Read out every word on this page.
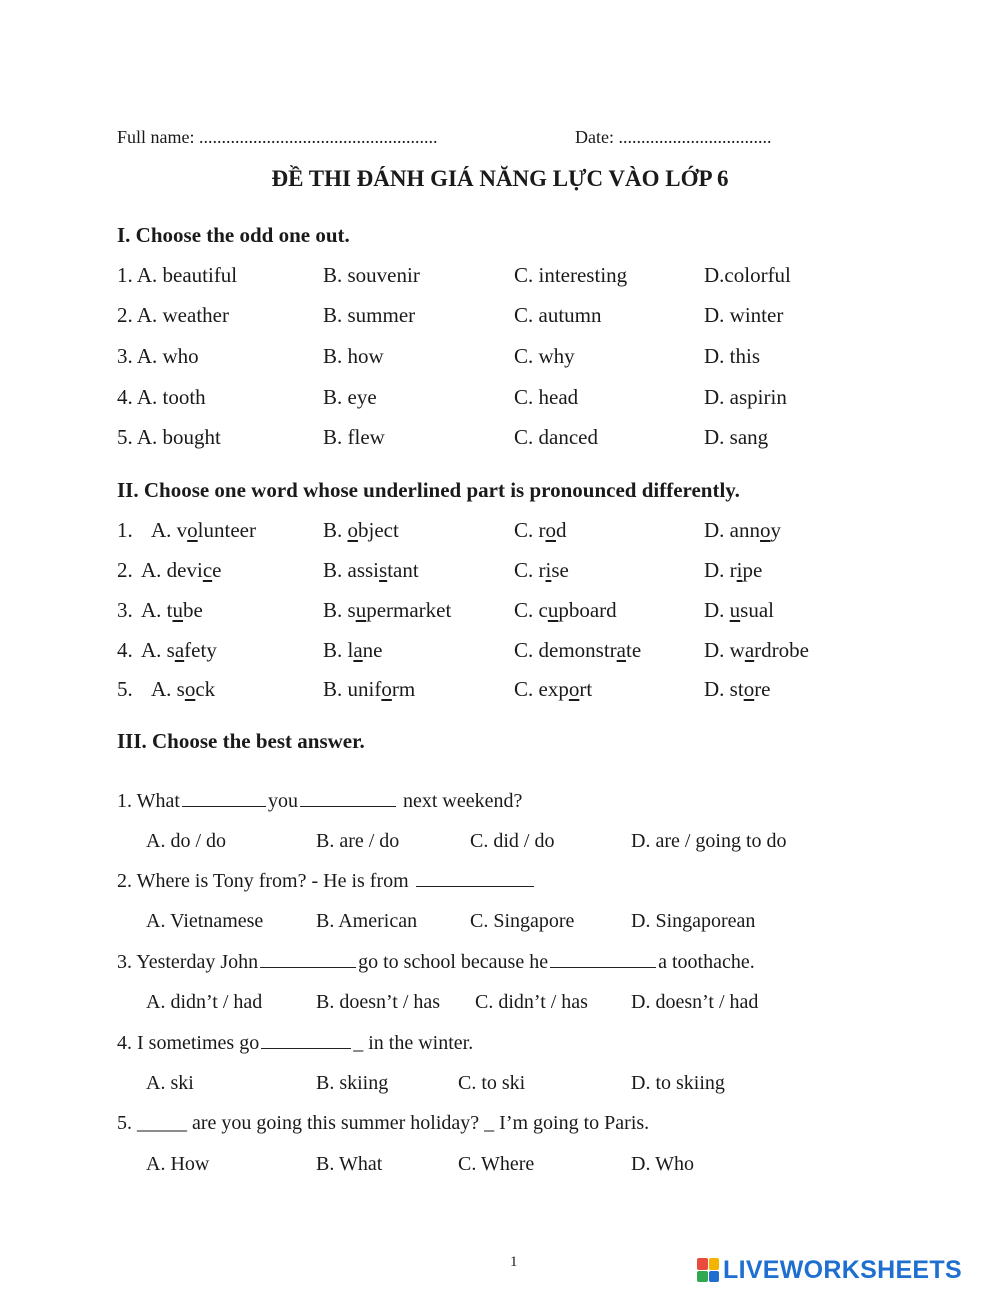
Full name: .....................................................	Date: ..................................
ĐỀ THI ĐÁNH GIÁ NĂNG LỰC VÀO LỚP 6
I. Choose the odd one out.
1. A. beautiful	B. souvenir	C. interesting	D.colorful
2. A. weather	B. summer	C. autumn	D. winter
3. A. who	B. how	C. why	D. this
4. A. tooth	B. eye	C. head	D. aspirin
5. A. bought	B. flew	C. danced	D. sang
II. Choose one word whose underlined part is pronounced differently.
1. A. volunteer	B. object	C. rod	D. annoy
2. A. device	B. assistant	C. rise	D. ripe
3. A. tube	B. supermarket	C. cupboard	D. usual
4. A. safety	B. lane	C. demonstrate	D. wardrobe
5. A. sock	B. uniform	C. export	D. store
III. Choose the best answer.
1. What	you	next weekend?
A. do / do	B. are / do	C. did / do	D. are / going to do
2. Where is Tony from? - He is from
A. Vietnamese	B. American	C. Singapore	D. Singaporean
3. Yesterday John	go to school because he	a toothache.
A. didn’t / had	B. doesn’t / has C. didn’t / has D. doesn’t / had
4. I sometimes go	_ in the winter.
A. ski	B. skiing	C. to ski	D. to skiing
5. _____ are you going this summer holiday? _ I’m going to Paris.
A. How	B. What	C. Where	D. Who
1	LIVEWORKSHEETS
